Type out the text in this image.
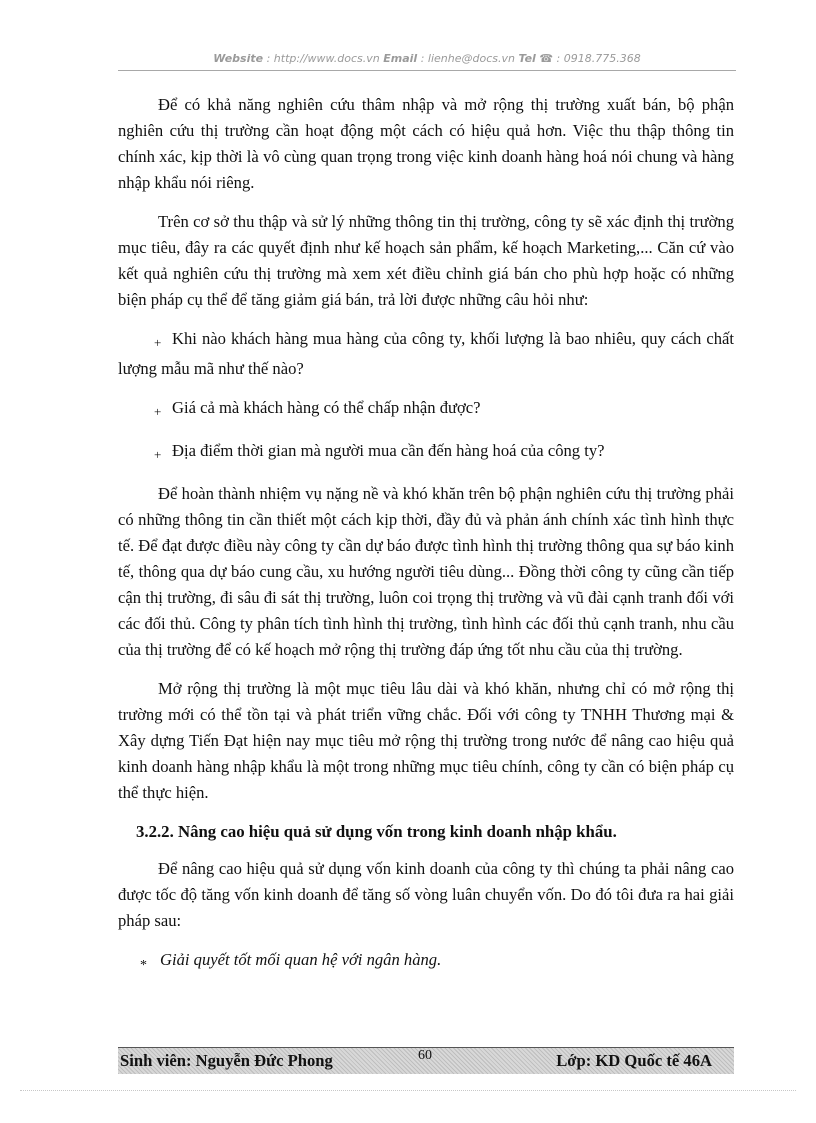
Website : http://www.docs.vn Email : lienhe@docs.vn Tel ☎ : 0918.775.368

Để có khả năng nghiên cứu thâm nhập và mở rộng thị trường xuất bán, bộ phận nghiên cứu thị trường cần hoạt động một cách có hiệu quả hơn. Việc thu thập thông tin chính xác, kịp thời là vô cùng quan trọng trong việc kinh doanh hàng hoá nói chung và hàng nhập khẩu nói riêng.

Trên cơ sở thu thập và sử lý những thông tin thị trường, công ty sẽ xác định thị trường mục tiêu, đây ra các quyết định như kế hoạch sản phẩm, kế hoạch Marketing,... Căn cứ vào kết quả nghiên cứu thị trường mà xem xét điều chỉnh giá bán cho phù hợp hoặc có những biện pháp cụ thể để tăng giảm giá bán, trả lời được những câu hỏi như:

+ Khi nào khách hàng mua hàng của công ty, khối lượng là bao nhiêu, quy cách chất lượng mẫu mã như thế nào?

+ Giá cả mà khách hàng có thể chấp nhận được?

+ Địa điểm thời gian mà người mua cần đến hàng hoá của công ty?

Để hoàn thành nhiệm vụ nặng nề và khó khăn trên bộ phận nghiên cứu thị trường phải có những thông tin cần thiết một cách kịp thời, đầy đủ và phản ánh chính xác tình hình thực tế. Để đạt được điều này công ty cần dự báo được tình hình thị trường thông qua sự báo kinh tế, thông qua dự báo cung cầu, xu hướng người tiêu dùng... Đồng thời công ty cũng cần tiếp cận thị trường, đi sâu đi sát thị trường, luôn coi trọng thị trường và vũ đài cạnh tranh đối với các đối thủ. Công ty phân tích tình hình thị trường, tình hình các đối thủ cạnh tranh, nhu cầu của thị trường để có kế hoạch mở rộng thị trường đáp ứng tốt nhu cầu của thị trường.

Mở rộng thị trường là một mục tiêu lâu dài và khó khăn, nhưng chỉ có mở rộng thị trường mới có thể tồn tại và phát triển vững chắc. Đối với công ty TNHH Thương mại & Xây dựng Tiến Đạt hiện nay mục tiêu mở rộng thị trường trong nước để nâng cao hiệu quả kinh doanh hàng nhập khẩu là một trong những mục tiêu chính, công ty cần có biện pháp cụ thể thực hiện.

3.2.2. Nâng cao hiệu quả sử dụng vốn trong kinh doanh nhập khẩu.

Để nâng cao hiệu quả sử dụng vốn kinh doanh của công ty thì chúng ta phải nâng cao được tốc độ tăng vốn kinh doanh để tăng số vòng luân chuyển vốn. Do đó tôi đưa ra hai giải pháp sau:

* Giải quyết tốt mối quan hệ với ngân hàng.

Sinh viên: Nguyễn Đức Phong	60	Lớp: KD Quốc tế 46A
